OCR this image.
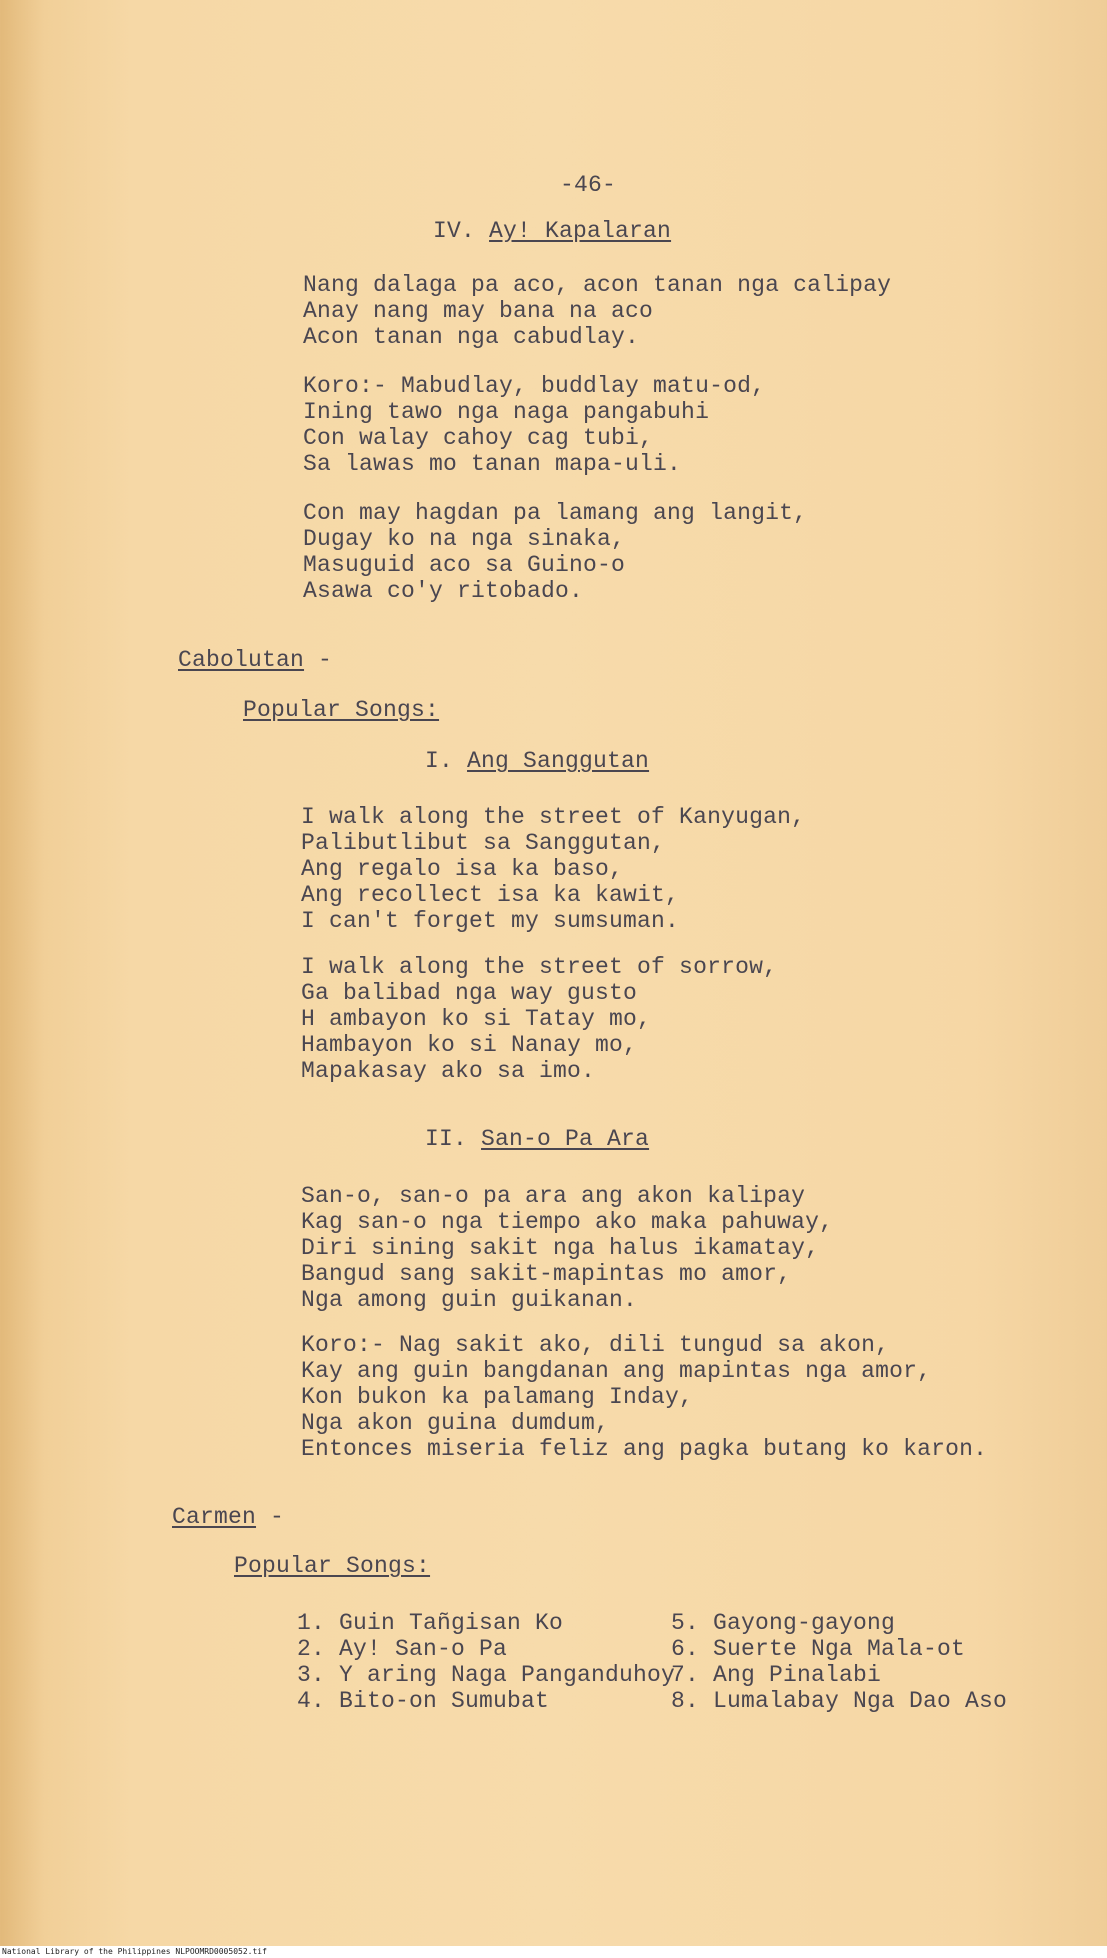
-46-
IV. Ay! Kapalaran
Nang dalaga pa aco, acon tanan nga calipay
Anay nang may bana na aco
Acon tanan nga cabudlay.
Koro:- Mabudlay, buddlay matu-od,
Ining tawo nga naga pangabuhi
Con walay cahoy cag tubi,
Sa lawas mo tanan mapa-uli.
Con may hagdan pa lamang ang langit,
Dugay ko na nga sinaka,
Masuguid aco sa Guino-o
Asawa co'y ritobado.
Cabolutan -
Popular Songs:
I. Ang Sanggutan
I walk along the street of Kanyugan,
Palibutlibut sa Sanggutan,
Ang regalo isa ka baso,
Ang recollect isa ka kawit,
I can't forget my sumsuman.
I walk along the street of sorrow,
Ga balibad nga way gusto
H ambayon ko si Tatay mo,
Hambayon ko si Nanay mo,
Mapakasay ako sa imo.
II. San-o Pa Ara
San-o, san-o pa ara ang akon kalipay
Kag san-o nga tiempo ako maka pahuway,
Diri sining sakit nga halus ikamatay,
Bangud sang sakit-mapintas mo amor,
Nga among guin guikanan.
Koro:- Nag sakit ako, dili tungud sa akon,
Kay ang guin bangdanan ang mapintas nga amor,
Kon bukon ka palamang Inday,
Nga akon guina dumdum,
Entonces miseria feliz ang pagka butang ko karon.
Carmen -
Popular Songs:
1. Guin Tañgisan Ko
2. Ay! San-o Pa
3. Y aring Naga Panganduhoy
4. Bito-on Sumubat
5. Gayong-gayong
6. Suerte Nga Mala-ot
7. Ang Pinalabi
8. Lumalabay Nga Dao Aso
National Library of the Philippines NLPOOMRD0005052.tif
